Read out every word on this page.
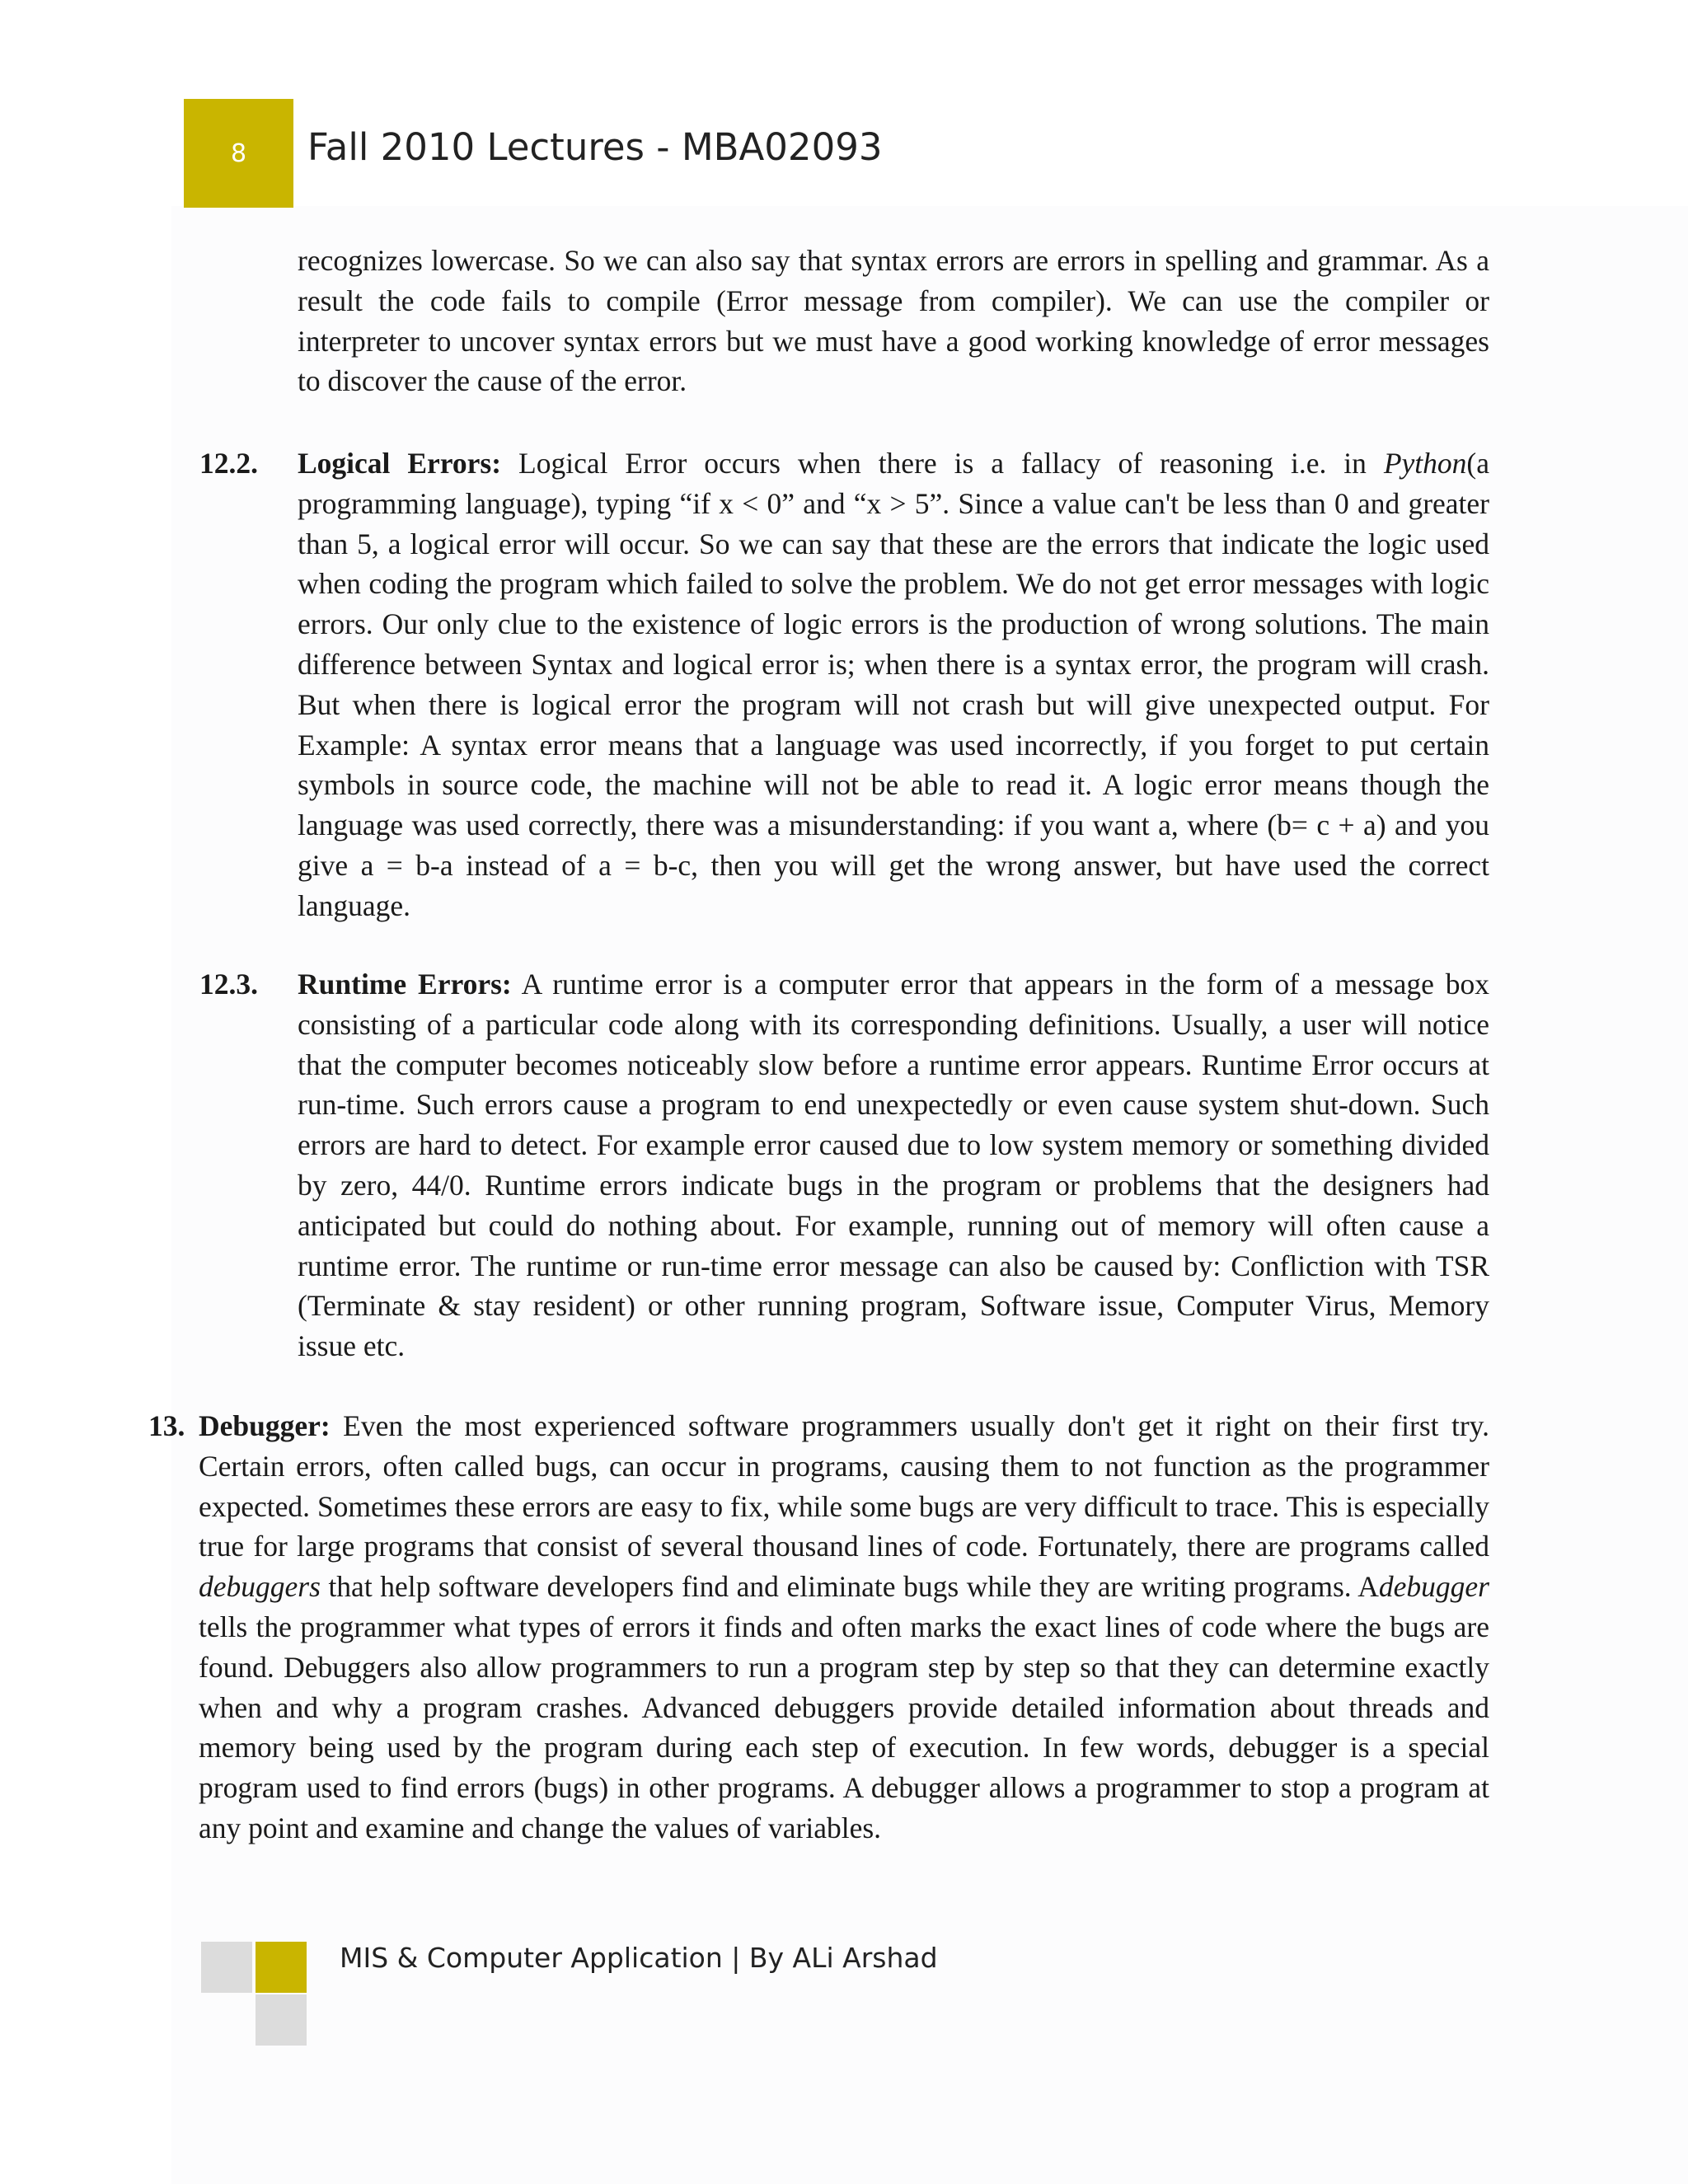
8 Fall 2010 Lectures - MBA02093

recognizes lowercase. So we can also say that syntax errors are errors in spelling and grammar. As a result the code fails to compile (Error message from compiler). We can use the compiler or interpreter to uncover syntax errors but we must have a good working knowledge of error messages to discover the cause of the error.

12.2. Logical Errors: Logical Error occurs when there is a fallacy of reasoning i.e. in Python(a programming language), typing “if x < 0” and “x > 5”. Since a value can't be less than 0 and greater than 5, a logical error will occur. So we can say that these are the errors that indicate the logic used when coding the program which failed to solve the problem. We do not get error messages with logic errors. Our only clue to the existence of logic errors is the production of wrong solutions. The main difference between Syntax and logical error is; when there is a syntax error, the program will crash. But when there is logical error the program will not crash but will give unexpected output. For Example: A syntax error means that a language was used incorrectly, if you forget to put certain symbols in source code, the machine will not be able to read it. A logic error means though the language was used correctly, there was a misunderstanding: if you want a, where (b= c + a) and you give a = b-a instead of a = b-c, then you will get the wrong answer, but have used the correct language.

12.3. Runtime Errors: A runtime error is a computer error that appears in the form of a message box consisting of a particular code along with its corresponding definitions. Usually, a user will notice that the computer becomes noticeably slow before a runtime error appears. Runtime Error occurs at run-time. Such errors cause a program to end unexpectedly or even cause system shut-down. Such errors are hard to detect. For example error caused due to low system memory or something divided by zero, 44/0. Runtime errors indicate bugs in the program or problems that the designers had anticipated but could do nothing about. For example, running out of memory will often cause a runtime error. The runtime or run-time error message can also be caused by: Confliction with TSR (Terminate & stay resident) or other running program, Software issue, Computer Virus, Memory issue etc.

13. Debugger: Even the most experienced software programmers usually don't get it right on their first try. Certain errors, often called bugs, can occur in programs, causing them to not function as the programmer expected. Sometimes these errors are easy to fix, while some bugs are very difficult to trace. This is especially true for large programs that consist of several thousand lines of code. Fortunately, there are programs called debuggers that help software developers find and eliminate bugs while they are writing programs. Adebugger tells the programmer what types of errors it finds and often marks the exact lines of code where the bugs are found. Debuggers also allow programmers to run a program step by step so that they can determine exactly when and why a program crashes. Advanced debuggers provide detailed information about threads and memory being used by the program during each step of execution. In few words, debugger is a special program used to find errors (bugs) in other programs. A debugger allows a programmer to stop a program at any point and examine and change the values of variables.

MIS & Computer Application | By ALi Arshad
